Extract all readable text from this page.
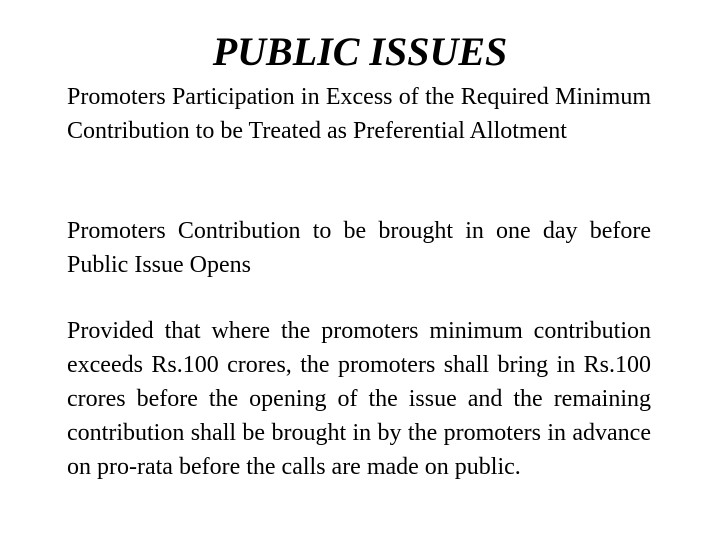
PUBLIC ISSUES

Promoters Participation in Excess of the Required Minimum Contribution to be Treated as Preferential Allotment

Promoters Contribution to be brought in one day before Public Issue Opens

Provided that where the promoters minimum contribution exceeds Rs.100 crores, the promoters shall bring in Rs.100 crores before the opening of the issue and the remaining contribution shall be brought in by the promoters in advance on pro-rata before the calls are made on public.
